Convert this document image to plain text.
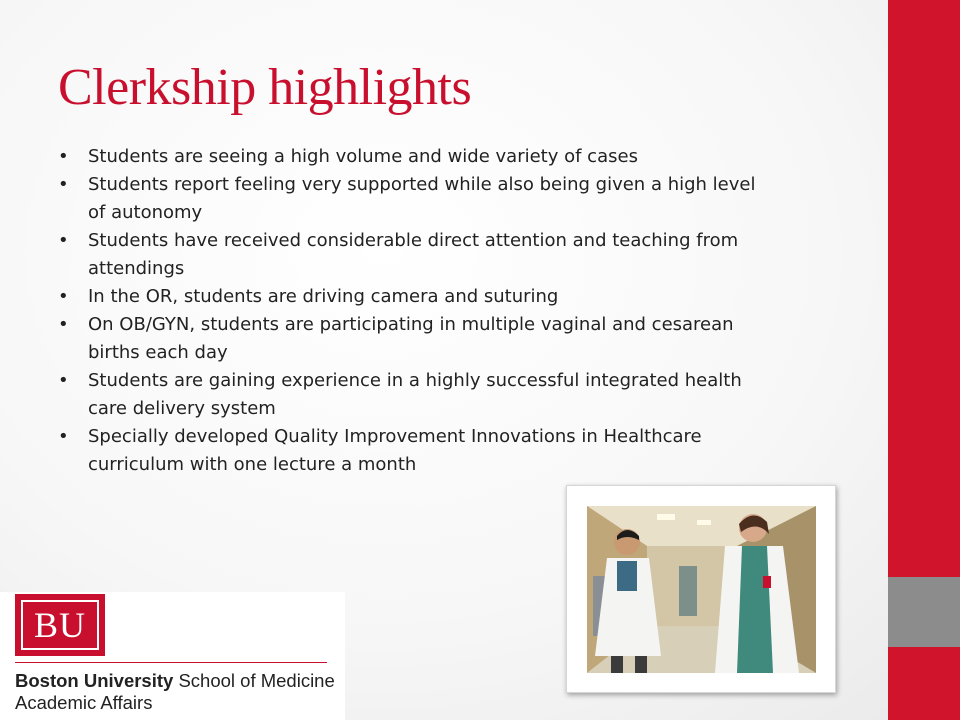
Clerkship highlights
• Students are seeing a high volume and wide variety of cases
• Students report feeling very supported while also being given a high level of autonomy
• Students have received considerable direct attention and teaching from attendings
• In the OR, students are driving camera and suturing
• On OB/GYN, students are participating in multiple vaginal and cesarean births each day
• Students are gaining experience in a highly successful integrated health care delivery system
• Specially developed Quality Improvement Innovations in Healthcare curriculum with one lecture a month
BU
Boston University School of Medicine
Academic Affairs
